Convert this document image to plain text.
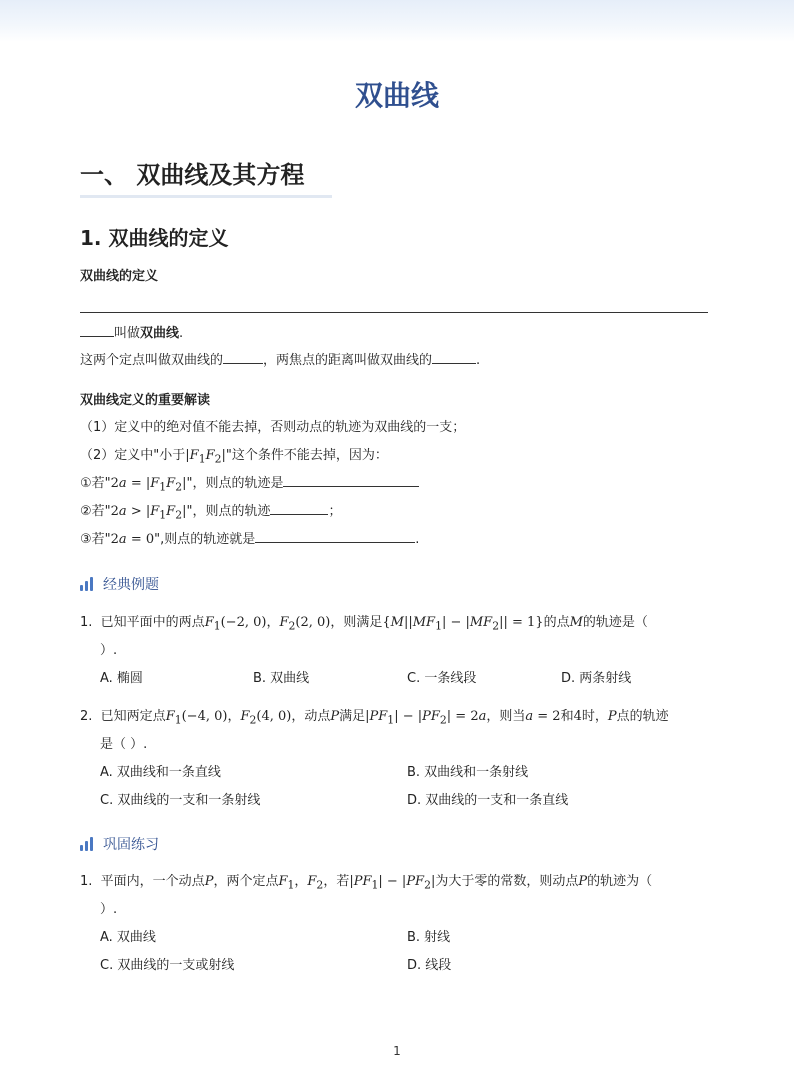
双曲线
一、 双曲线及其方程
1. 双曲线的定义
双曲线的定义
叫做双曲线.
这两个定点叫做双曲线的	，两焦点的距离叫做双曲线的	.
双曲线定义的重要解读
（1）定义中的绝对值不能去掉，否则动点的轨迹为双曲线的一支；
（2）定义中"小于$|F_1F_2|$"这个条件不能去掉，因为：
①若"$2a = |F_1F_2|$"，则点的轨迹是
②若"$2a > |F_1F_2|$"，则点的轨迹	；
③若"2a = 0",则点的轨迹就是	.
经典例题
1. 已知平面中的两点$F_1(-2$, 0)，$F_2(2$, 0)，则满足$\{M||MF_1| - |MF_2|| = 1\}$的点M的轨迹是（
）.
A. 椭圆	B. 双曲线	C. 一条线段	D. 两条射线
2. 已知两定点$F_1(-4$, 0)，$F_2(4$, 0)，动点P满足$|PF_1| - |PF_2| = 2a$，则当a = 2和4时，P点的轨迹
是（ ）.
A. 双曲线和一条直线	B. 双曲线和一条射线
C. 双曲线的一支和一条射线	D. 双曲线的一支和一条直线
巩固练习
1. 平面内，一个动点P，两个定点$F_1$，$F_2$，若$|PF_1| - |PF_2|$为大于零的常数，则动点P的轨迹为（
）.
A. 双曲线	B. 射线
C. 双曲线的一支或射线	D. 线段
1
